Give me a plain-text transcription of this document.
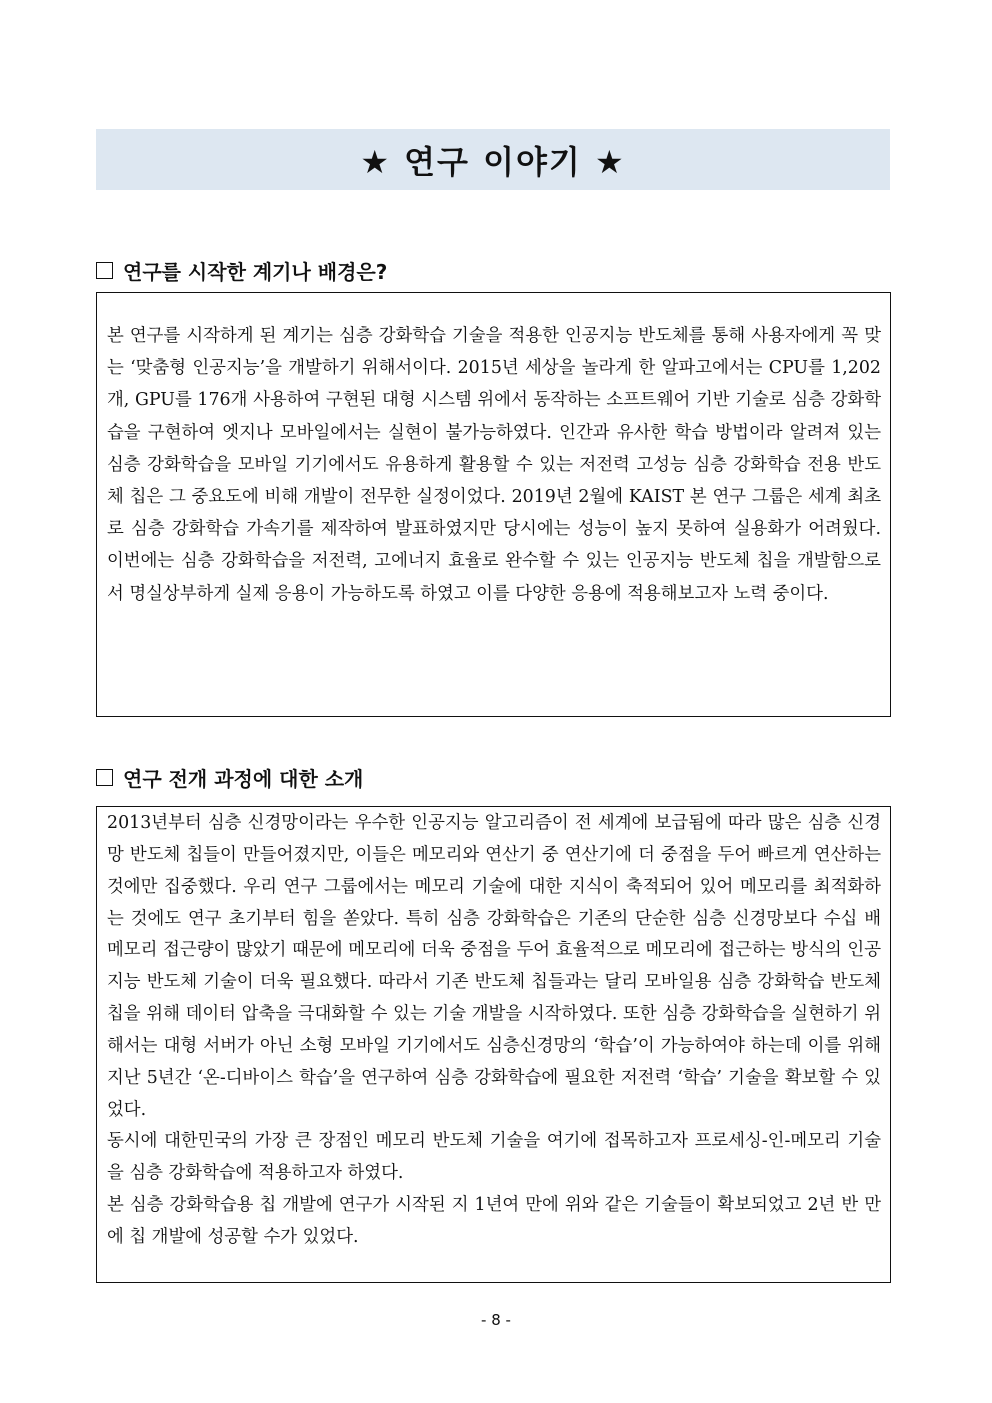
★ 연구 이야기 ★
연구를 시작한 계기나 배경은?

본 연구를 시작하게 된 계기는 심층 강화학습 기술을 적용한 인공지능 반도체를 통해 사용자에게 꼭 맞는 ‘맞춤형 인공지능’을 개발하기 위해서이다. 2015년 세상을 놀라게 한 알파고에서는 CPU를 1,202개, GPU를 176개 사용하여 구현된 대형 시스템 위에서 동작하는 소프트웨어 기반 기술로 심층 강화학습을 구현하여 엣지나 모바일에서는 실현이 불가능하였다. 인간과 유사한 학습 방법이라 알려져 있는 심층 강화학습을 모바일 기기에서도 유용하게 활용할 수 있는 저전력 고성능 심층 강화학습 전용 반도체 칩은 그 중요도에 비해 개발이 전무한 실정이었다. 2019년 2월에 KAIST 본 연구 그룹은 세계 최초로 심층 강화학습 가속기를 제작하여 발표하였지만 당시에는 성능이 높지 못하여 실용화가 어려웠다. 이번에는 심층 강화학습을 저전력, 고에너지 효율로 완수할 수 있는 인공지능 반도체 칩을 개발함으로서 명실상부하게 실제 응용이 가능하도록 하였고 이를 다양한 응용에 적용해보고자 노력 중이다.

연구 전개 과정에 대한 소개

2013년부터 심층 신경망이라는 우수한 인공지능 알고리즘이 전 세계에 보급됨에 따라 많은 심층 신경망 반도체 칩들이 만들어졌지만, 이들은 메모리와 연산기 중 연산기에 더 중점을 두어 빠르게 연산하는 것에만 집중했다. 우리 연구 그룹에서는 메모리 기술에 대한 지식이 축적되어 있어 메모리를 최적화하는 것에도 연구 초기부터 힘을 쏟았다. 특히 심층 강화학습은 기존의 단순한 심층 신경망보다 수십 배 메모리 접근량이 많았기 때문에 메모리에 더욱 중점을 두어 효율적으로 메모리에 접근하는 방식의 인공지능 반도체 기술이 더욱 필요했다. 따라서 기존 반도체 칩들과는 달리 모바일용 심층 강화학습 반도체 칩을 위해 데이터 압축을 극대화할 수 있는 기술 개발을 시작하였다. 또한 심층 강화학습을 실현하기 위해서는 대형 서버가 아닌 소형 모바일 기기에서도 심층신경망의 ‘학습’이 가능하여야 하는데 이를 위해 지난 5년간 ‘온-디바이스 학습’을 연구하여 심층 강화학습에 필요한 저전력 ‘학습’ 기술을 확보할 수 있었다.

동시에 대한민국의 가장 큰 장점인 메모리 반도체 기술을 여기에 접목하고자 프로세싱-인-메모리 기술을 심층 강화학습에 적용하고자 하였다.

본 심층 강화학습용 칩 개발에 연구가 시작된 지 1년여 만에 위와 같은 기술들이 확보되었고 2년 반 만에 칩 개발에 성공할 수가 있었다.

- 8 -
